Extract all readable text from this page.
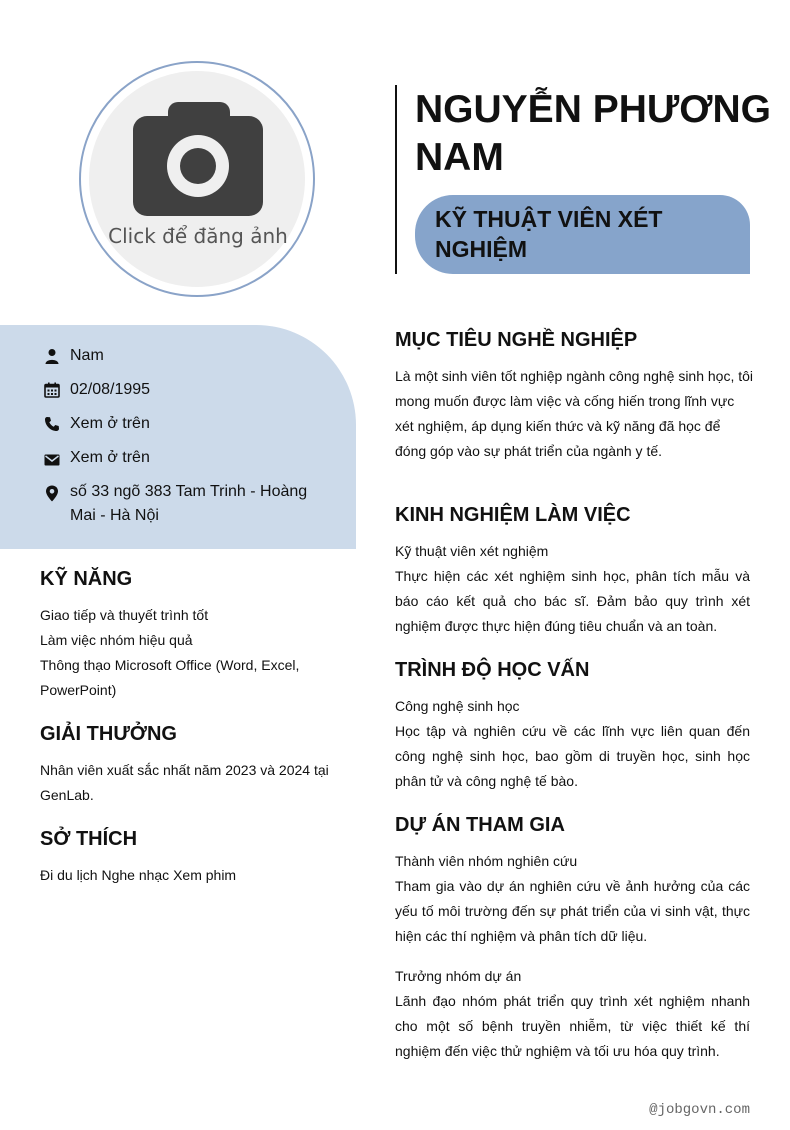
Click để đăng ảnh
NGUYỄN PHƯƠNG NAM
KỸ THUẬT VIÊN XÉT NGHIỆM
Nam
02/08/1995
Xem ở trên
Xem ở trên
số 33 ngõ 383 Tam Trinh - Hoàng Mai - Hà Nội
KỸ NĂNG
Giao tiếp và thuyết trình tốt
Làm việc nhóm hiệu quả
Thông thạo Microsoft Office (Word, Excel, PowerPoint)
GIẢI THƯỞNG
Nhân viên xuất sắc nhất năm 2023 và 2024 tại GenLab.
SỞ THÍCH
Đi du lịch Nghe nhạc Xem phim
MỤC TIÊU NGHỀ NGHIỆP
Là một sinh viên tốt nghiệp ngành công nghệ sinh học, tôi mong muốn được làm việc và cống hiến trong lĩnh vực xét nghiệm, áp dụng kiến thức và kỹ năng đã học để đóng góp vào sự phát triển của ngành y tế.
KINH NGHIỆM LÀM VIỆC
Kỹ thuật viên xét nghiệm
Thực hiện các xét nghiệm sinh học, phân tích mẫu và báo cáo kết quả cho bác sĩ. Đảm bảo quy trình xét nghiệm được thực hiện đúng tiêu chuẩn và an toàn.
TRÌNH ĐỘ HỌC VẤN
Công nghệ sinh học
Học tập và nghiên cứu về các lĩnh vực liên quan đến công nghệ sinh học, bao gồm di truyền học, sinh học phân tử và công nghệ tế bào.
DỰ ÁN THAM GIA
Thành viên nhóm nghiên cứu
Tham gia vào dự án nghiên cứu về ảnh hưởng của các yếu tố môi trường đến sự phát triển của vi sinh vật, thực hiện các thí nghiệm và phân tích dữ liệu.
Trưởng nhóm dự án
Lãnh đạo nhóm phát triển quy trình xét nghiệm nhanh cho một số bệnh truyền nhiễm, từ việc thiết kế thí nghiệm đến việc thử nghiệm và tối ưu hóa quy trình.
@jobgovn.com
